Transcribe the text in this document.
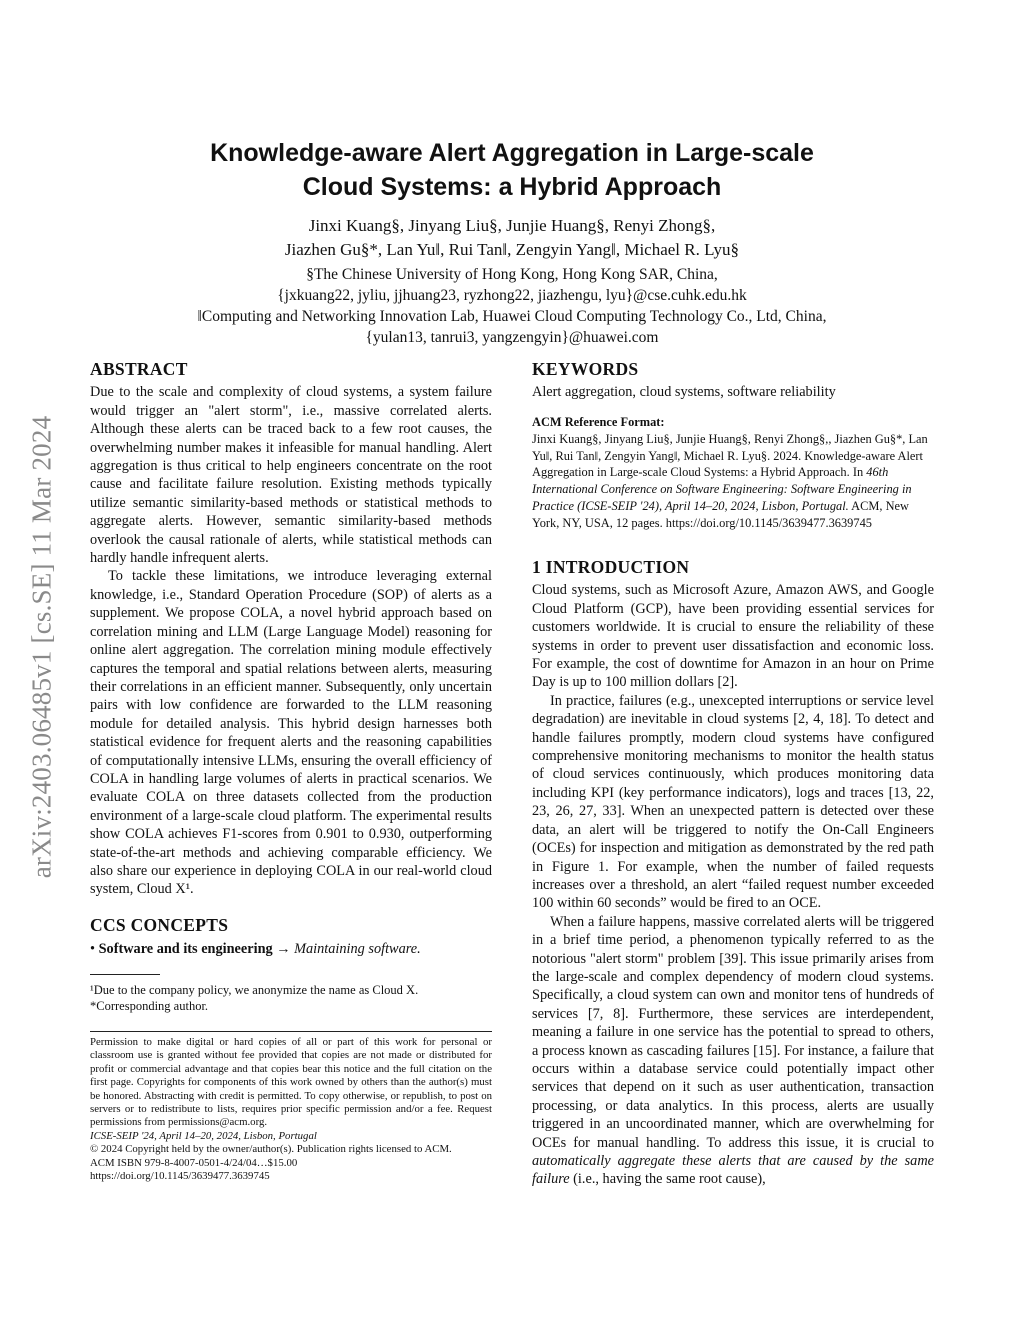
arXiv:2403.06485v1 [cs.SE] 11 Mar 2024
Knowledge-aware Alert Aggregation in Large-scale
Cloud Systems: a Hybrid Approach
Jinxi Kuang§, Jinyang Liu§, Junjie Huang§, Renyi Zhong§,
Jiazhen Gu§*, Lan Yu‖, Rui Tan‖, Zengyin Yang‖, Michael R. Lyu§
§The Chinese University of Hong Kong, Hong Kong SAR, China,
{jxkuang22, jyliu, jjhuang23, ryzhong22, jiazhengu, lyu}@cse.cuhk.edu.hk
‖Computing and Networking Innovation Lab, Huawei Cloud Computing Technology Co., Ltd, China,
{yulan13, tanrui3, yangzengyin}@huawei.com
ABSTRACT

Due to the scale and complexity of cloud systems, a system failure would trigger an "alert storm", i.e., massive correlated alerts. Although these alerts can be traced back to a few root causes, the overwhelming number makes it infeasible for manual handling. Alert aggregation is thus critical to help engineers concentrate on the root cause and facilitate failure resolution. Existing methods typically utilize semantic similarity-based methods or statistical methods to aggregate alerts. However, semantic similarity-based methods overlook the causal rationale of alerts, while statistical methods can hardly handle infrequent alerts.

To tackle these limitations, we introduce leveraging external knowledge, i.e., Standard Operation Procedure (SOP) of alerts as a supplement. We propose COLA, a novel hybrid approach based on correlation mining and LLM (Large Language Model) reasoning for online alert aggregation. The correlation mining module effectively captures the temporal and spatial relations between alerts, measuring their correlations in an efficient manner. Subsequently, only uncertain pairs with low confidence are forwarded to the LLM reasoning module for detailed analysis. This hybrid design harnesses both statistical evidence for frequent alerts and the reasoning capabilities of computationally intensive LLMs, ensuring the overall efficiency of COLA in handling large volumes of alerts in practical scenarios. We evaluate COLA on three datasets collected from the production environment of a large-scale cloud platform. The experimental results show COLA achieves F1-scores from 0.901 to 0.930, outperforming state-of-the-art methods and achieving comparable efficiency. We also share our experience in deploying COLA in our real-world cloud system, Cloud X¹.

CCS CONCEPTS

• Software and its engineering → Maintaining software.

¹Due to the company policy, we anonymize the name as Cloud X.
*Corresponding author.
Permission to make digital or hard copies of all or part of this work for personal or classroom use is granted without fee provided that copies are not made or distributed for profit or commercial advantage and that copies bear this notice and the full citation on the first page. Copyrights for components of this work owned by others than the author(s) must be honored. Abstracting with credit is permitted. To copy otherwise, or republish, to post on servers or to redistribute to lists, requires prior specific permission and/or a fee. Request permissions from permissions@acm.org.
ICSE-SEIP '24, April 14–20, 2024, Lisbon, Portugal
© 2024 Copyright held by the owner/author(s). Publication rights licensed to ACM.
ACM ISBN 979-8-4007-0501-4/24/04…$15.00
https://doi.org/10.1145/3639477.3639745
KEYWORDS

Alert aggregation, cloud systems, software reliability

ACM Reference Format:
Jinxi Kuang§, Jinyang Liu§, Junjie Huang§, Renyi Zhong§,, Jiazhen Gu§*, Lan Yu‖, Rui Tan‖, Zengyin Yang‖, Michael R. Lyu§. 2024. Knowledge-aware Alert Aggregation in Large-scale Cloud Systems: a Hybrid Approach. In 46th International Conference on Software Engineering: Software Engineering in Practice (ICSE-SEIP '24), April 14–20, 2024, Lisbon, Portugal. ACM, New York, NY, USA, 12 pages. https://doi.org/10.1145/3639477.3639745
1 INTRODUCTION

Cloud systems, such as Microsoft Azure, Amazon AWS, and Google Cloud Platform (GCP), have been providing essential services for customers worldwide. It is crucial to ensure the reliability of these systems in order to prevent user dissatisfaction and economic loss. For example, the cost of downtime for Amazon in an hour on Prime Day is up to 100 million dollars [2].

In practice, failures (e.g., unexcepted interruptions or service level degradation) are inevitable in cloud systems [2, 4, 18]. To detect and handle failures promptly, modern cloud systems have configured comprehensive monitoring mechanisms to monitor the health status of cloud services continuously, which produces monitoring data including KPI (key performance indicators), logs and traces [13, 22, 23, 26, 27, 33]. When an unexpected pattern is detected over these data, an alert will be triggered to notify the On-Call Engineers (OCEs) for inspection and mitigation as demonstrated by the red path in Figure 1. For example, when the number of failed requests increases over a threshold, an alert “failed request number exceeded 100 within 60 seconds” would be fired to an OCE.

When a failure happens, massive correlated alerts will be triggered in a brief time period, a phenomenon typically referred to as the notorious "alert storm" problem [39]. This issue primarily arises from the large-scale and complex dependency of modern cloud systems. Specifically, a cloud system can own and monitor tens of hundreds of services [7, 8]. Furthermore, these services are interdependent, meaning a failure in one service has the potential to spread to others, a process known as cascading failures [15]. For instance, a failure that occurs within a database service could potentially impact other services that depend on it such as user authentication, transaction processing, or data analytics. In this process, alerts are usually triggered in an uncoordinated manner, which are overwhelming for OCEs for manual handling. To address this issue, it is crucial to automatically aggregate these alerts that are caused by the same failure (i.e., having the same root cause),
